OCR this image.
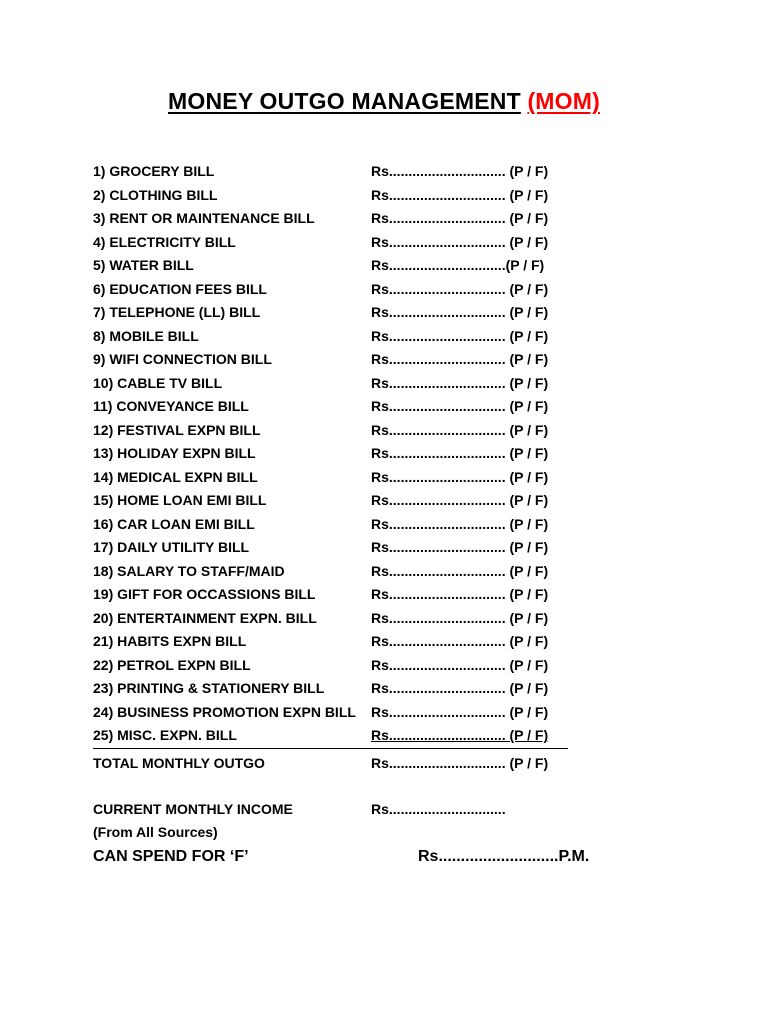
MONEY OUTGO MANAGEMENT (MOM)
1) GROCERY BILL	Rs.............................. (P / F)
2) CLOTHING BILL	Rs.............................. (P / F)
3) RENT OR MAINTENANCE BILL	Rs.............................. (P / F)
4) ELECTRICITY BILL	Rs.............................. (P / F)
5) WATER BILL	Rs..............................(P / F)
6) EDUCATION FEES BILL	Rs.............................. (P / F)
7) TELEPHONE (LL) BILL	Rs.............................. (P / F)
8) MOBILE BILL	Rs.............................. (P / F)
9) WIFI CONNECTION BILL	Rs.............................. (P / F)
10) CABLE TV BILL	Rs.............................. (P / F)
11) CONVEYANCE BILL	Rs.............................. (P / F)
12) FESTIVAL EXPN BILL	Rs.............................. (P / F)
13) HOLIDAY EXPN BILL	Rs.............................. (P / F)
14) MEDICAL EXPN BILL	Rs.............................. (P / F)
15) HOME LOAN EMI BILL	Rs.............................. (P / F)
16) CAR LOAN EMI BILL	Rs.............................. (P / F)
17) DAILY UTILITY BILL	Rs.............................. (P / F)
18) SALARY TO STAFF/MAID	Rs.............................. (P / F)
19) GIFT FOR OCCASSIONS BILL	Rs.............................. (P / F)
20) ENTERTAINMENT EXPN. BILL	Rs.............................. (P / F)
21) HABITS EXPN BILL	Rs.............................. (P / F)
22) PETROL EXPN BILL	Rs.............................. (P / F)
23) PRINTING & STATIONERY BILL	Rs.............................. (P / F)
24) BUSINESS PROMOTION EXPN BILL Rs.............................. (P / F)
25) MISC. EXPN. BILL	Rs.............................. (P / F)
TOTAL MONTHLY OUTGO	Rs.............................. (P / F)
CURRENT MONTHLY INCOME	Rs..............................
(From All Sources)
CAN SPEND FOR ‘F’	Rs...........................P.M.
